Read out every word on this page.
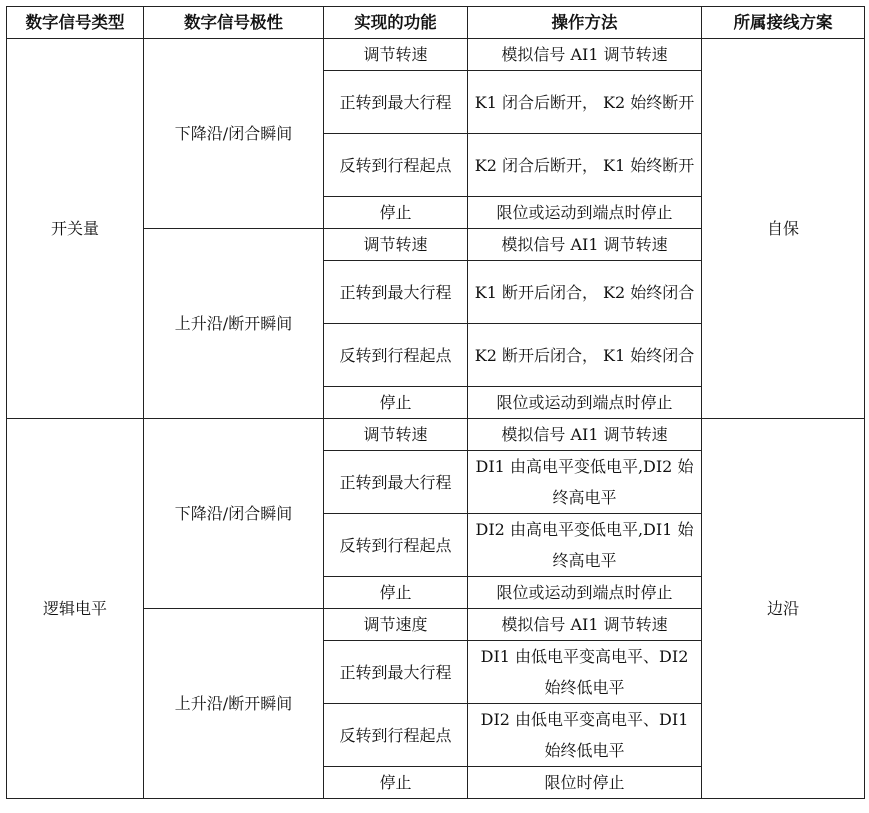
数字信号类型	数字信号极性	实现的功能	操作方法	所属接线方案
开关量	下降沿/闭合瞬间	调节转速	模拟信号 AI1 调节转速	自保
		正转到最大行程	K1 闭合后断开， K2 始终断开	
		反转到行程起点	K2 闭合后断开， K1 始终断开	
		停止	限位或运动到端点时停止	
	上升沿/断开瞬间	调节转速	模拟信号 AI1 调节转速	
		正转到最大行程	K1 断开后闭合， K2 始终闭合	
		反转到行程起点	K2 断开后闭合， K1 始终闭合	
		停止	限位或运动到端点时停止	
逻辑电平	下降沿/闭合瞬间	调节转速	模拟信号 AI1 调节转速	边沿
		正转到最大行程	DI1 由高电平变低电平,DI2 始终高电平	
		反转到行程起点	DI2 由高电平变低电平,DI1 始终高电平	
		停止	限位或运动到端点时停止	
	上升沿/断开瞬间	调节速度	模拟信号 AI1 调节转速	
		正转到最大行程	DI1 由低电平变高电平、DI2 始终低电平	
		反转到行程起点	DI2 由低电平变高电平、DI1 始终低电平	
		停止	限位时停止	
